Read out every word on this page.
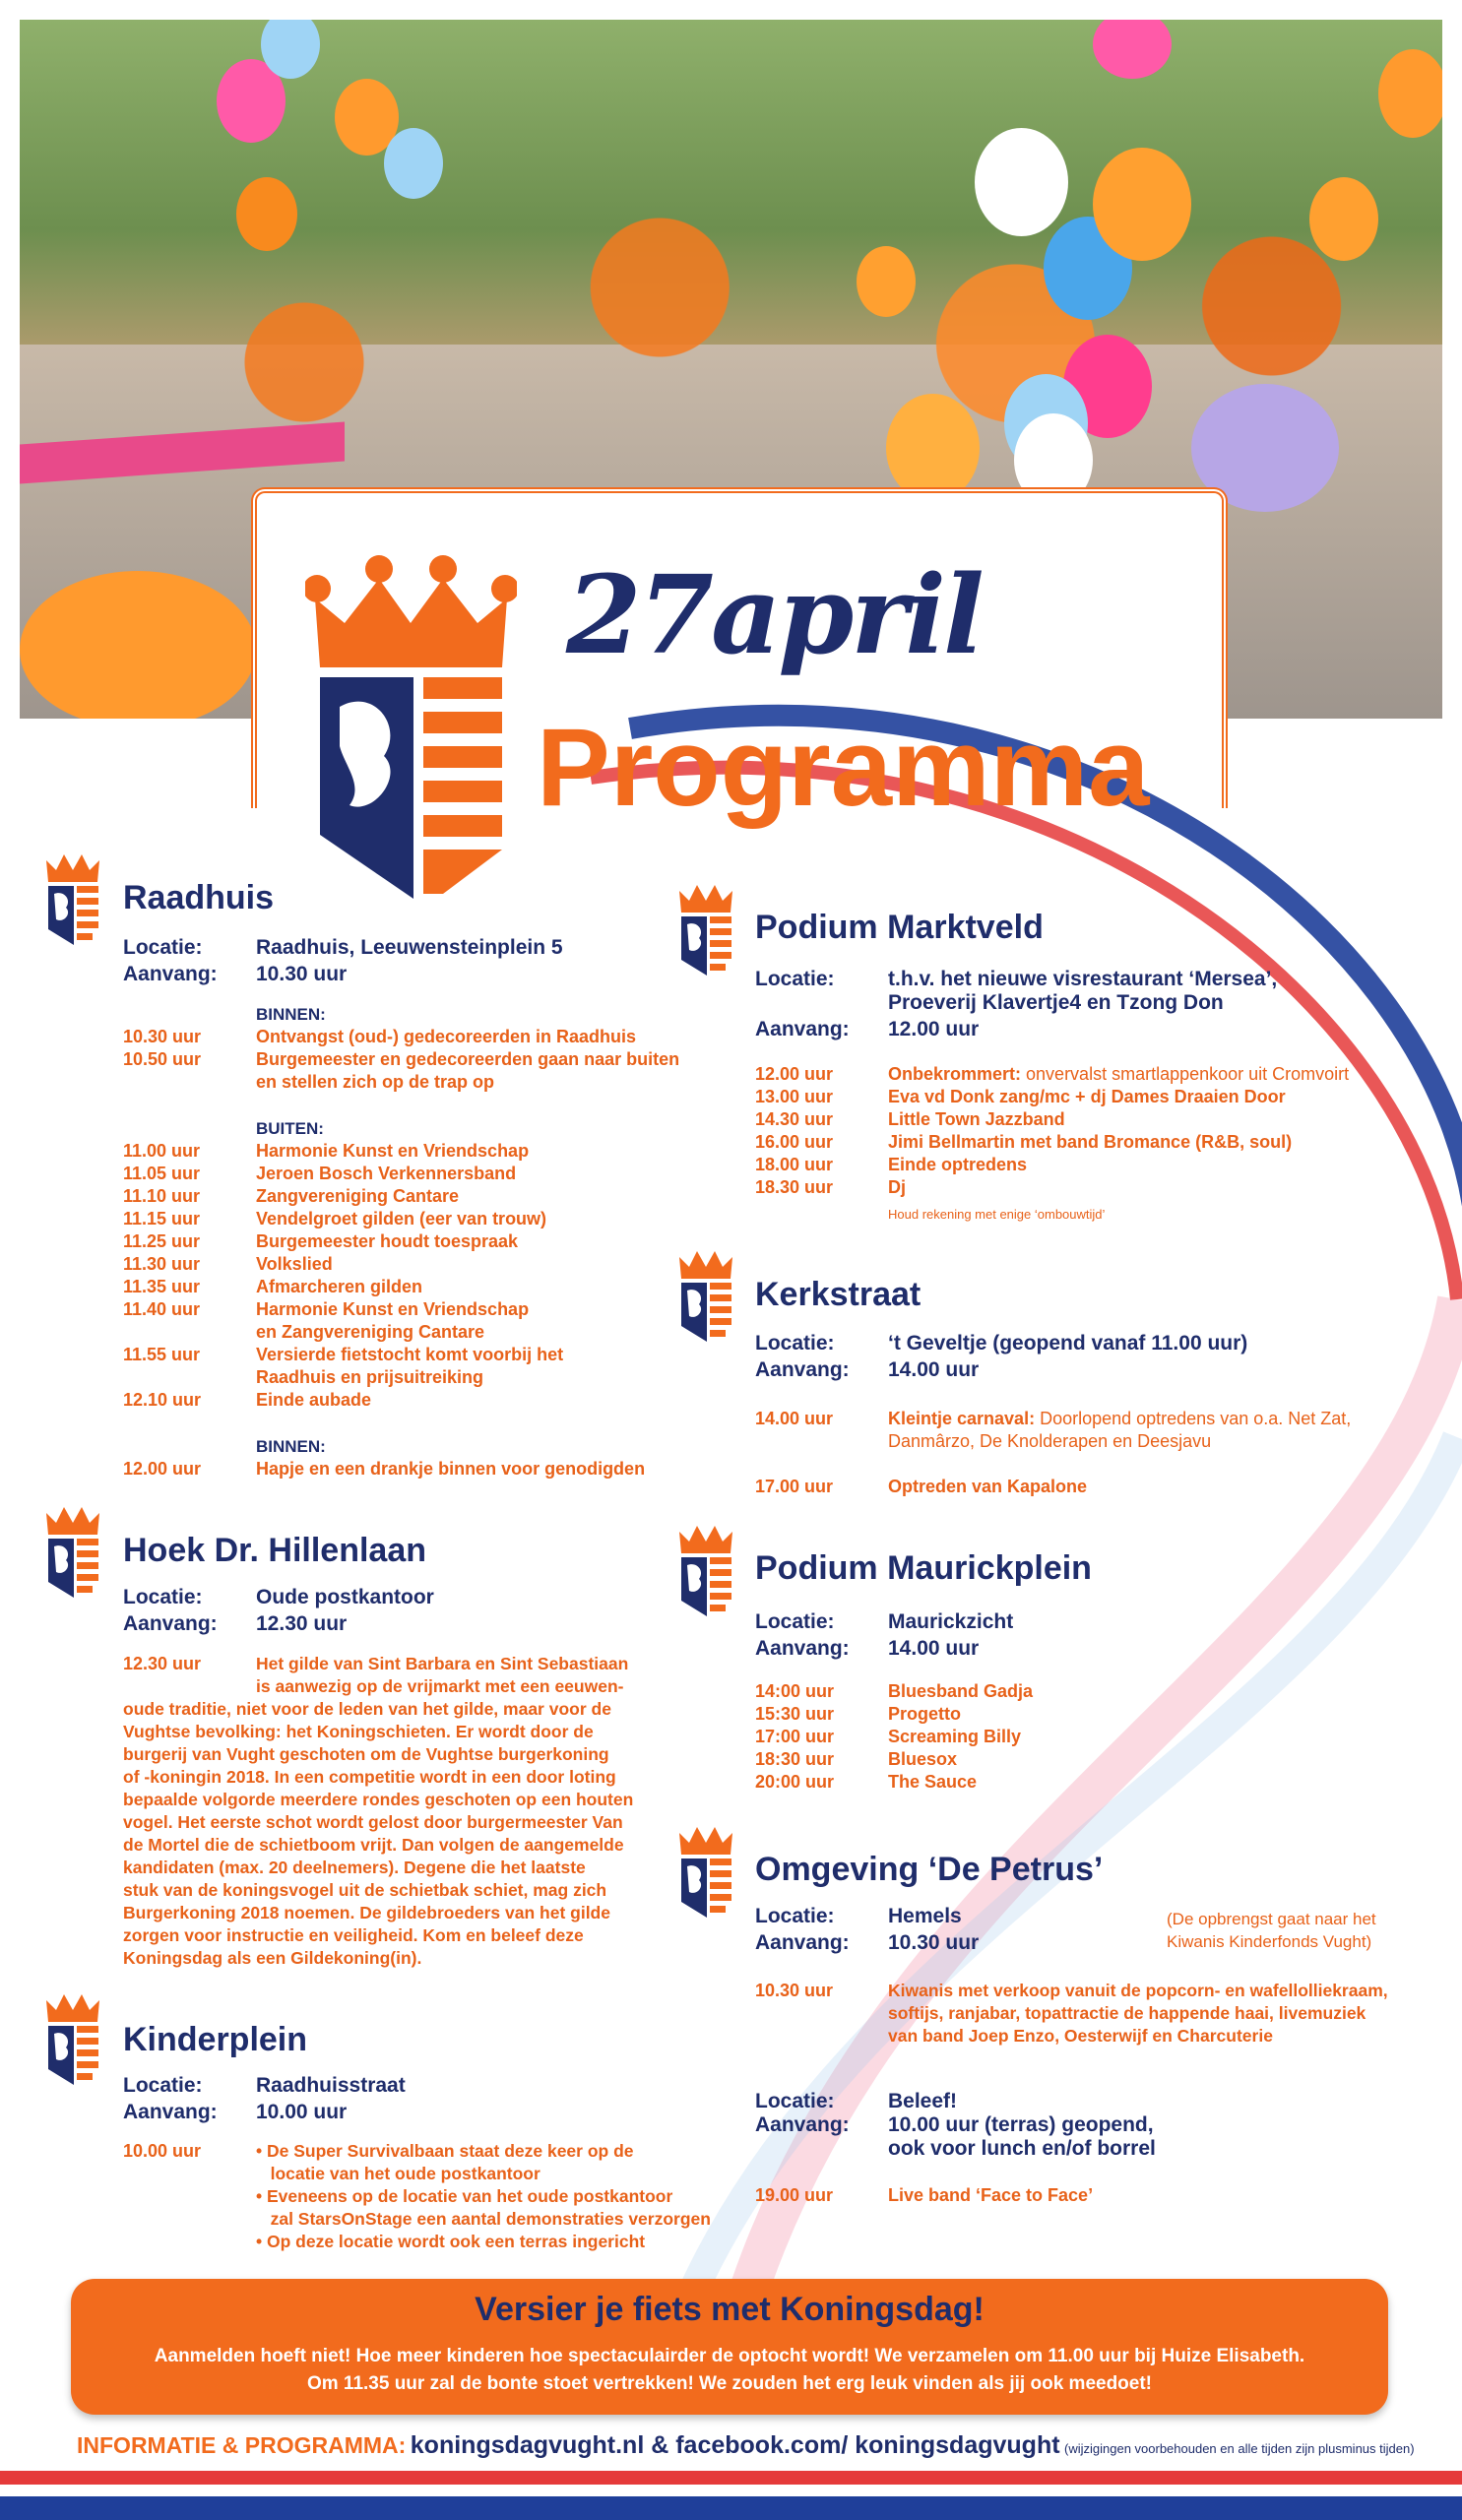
27april
Programma
Raadhuis
Locatie:	Raadhuis, Leeuwensteinplein 5
Aanvang: 10.30 uur
BINNEN:
10.30 uur	Ontvangst (oud-) gedecoreerden in Raadhuis
10.50 uur	Burgemeester en gedecoreerden gaan naar buiten
en stellen zich op de trap op
BUITEN:
11.00 uur	Harmonie Kunst en Vriendschap
11.05 uur	Jeroen Bosch Verkennersband
11.10 uur	Zangvereniging Cantare
11.15 uur	Vendelgroet gilden (eer van trouw)
11.25 uur	Burgemeester houdt toespraak
11.30 uur	Volkslied
11.35 uur	Afmarcheren gilden
11.40 uur	Harmonie Kunst en Vriendschap
en Zangvereniging Cantare
11.55 uur	Versierde fietstocht komt voorbij het
Raadhuis en prijsuitreiking
12.10 uur	Einde aubade
BINNEN:
12.00 uur	Hapje en een drankje binnen voor genodigden
Hoek Dr. Hillenlaan
Locatie:	Oude postkantoor
Aanvang: 12.30 uur
12.30 uur	Het gilde van Sint Barbara en Sint Sebastiaan
is aanwezig op de vrijmarkt met een eeuwen-
oude traditie, niet voor de leden van het gilde, maar voor de
Vughtse bevolking: het Koningschieten. Er wordt door de
burgerij van Vught geschoten om de Vughtse burgerkoning
of -koningin 2018. In een competitie wordt in een door loting
bepaalde volgorde meerdere rondes geschoten op een houten
vogel. Het eerste schot wordt gelost door burgermeester Van
de Mortel die de schietboom vrijt. Dan volgen de aangemelde
kandidaten (max. 20 deelnemers). Degene die het laatste
stuk van de koningsvogel uit de schietbak schiet, mag zich
Burgerkoning 2018 noemen. De gildebroeders van het gilde
zorgen voor instructie en veiligheid. Kom en beleef deze
Koningsdag als een Gildekoning(in).
Kinderplein
Locatie:	Raadhuisstraat
Aanvang: 10.00 uur
10.00 uur	• De Super Survivalbaan staat deze keer op de
locatie van het oude postkantoor
• Eveneens op de locatie van het oude postkantoor
zal StarsOnStage een aantal demonstraties verzorgen
• Op deze locatie wordt ook een terras ingericht
Podium Marktveld
Locatie:	t.h.v. het nieuwe visrestaurant ‘Mersea’,
Proeverij Klavertje4 en Tzong Don
Aanvang: 12.00 uur
12.00 uur	Onbekrommert: onvervalst smartlappenkoor uit Cromvoirt
13.00 uur	Eva vd Donk zang/mc + dj Dames Draaien Door
14.30 uur	Little Town Jazzband
16.00 uur	Jimi Bellmartin met band Bromance (R&B, soul)
18.00 uur	Einde optredens
18.30 uur	Dj
Houd rekening met enige ‘ombouwtijd’
Kerkstraat
Locatie:	‘t Geveltje (geopend vanaf 11.00 uur)
Aanvang: 14.00 uur
14.00 uur	Kleintje carnaval: Doorlopend optredens van o.a. Net Zat,
Danmârzo, De Knolderapen en Deesjavu
17.00 uur	Optreden van Kapalone
Podium Maurickplein
Locatie:	Maurickzicht
Aanvang: 14.00 uur
14:00 uur	Bluesband Gadja
15:30 uur	Progetto
17:00 uur	Screaming Billy
18:30 uur	Bluesox
20:00 uur	The Sauce
Omgeving ‘De Petrus’
Locatie:	Hemels
Aanvang: 10.30 uur
(De opbrengst gaat naar het
Kiwanis Kinderfonds Vught)
10.30 uur	Kiwanis met verkoop vanuit de popcorn- en wafellolliekraam,
softijs, ranjabar, topattractie de happende haai, livemuziek
van band Joep Enzo, Oesterwijf en Charcuterie
Locatie:	Beleef!
Aanvang: 10.00 uur (terras) geopend,
ook voor lunch en/of borrel
19.00 uur	Live band ‘Face to Face’
Versier je fiets met Koningsdag!
Aanmelden hoeft niet! Hoe meer kinderen hoe spectaculairder de optocht wordt! We verzamelen om 11.00 uur bij Huize Elisabeth.
Om 11.35 uur zal de bonte stoet vertrekken! We zouden het erg leuk vinden als jij ook meedoet!
INFORMATIE & PROGRAMMA: koningsdagvught.nl & facebook.com/ koningsdagvught (wijzigingen voorbehouden en alle tijden zijn plusminus tijden)
